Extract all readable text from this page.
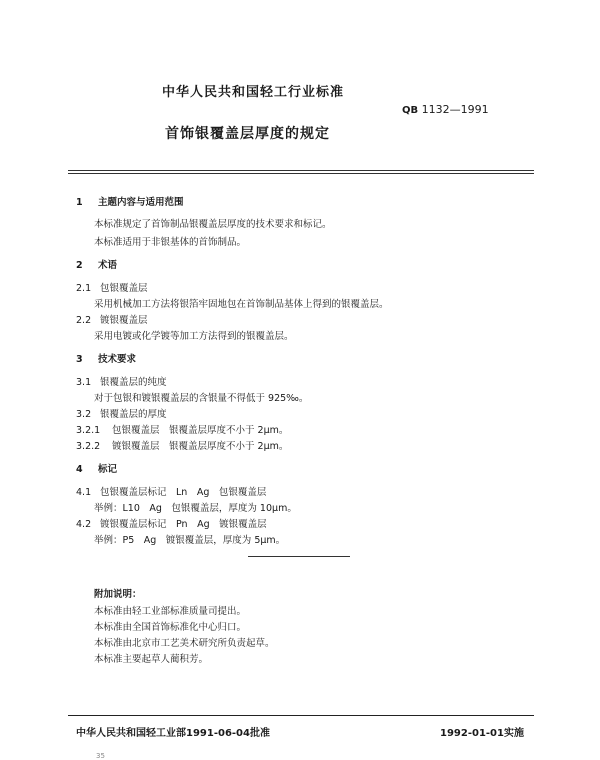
中华人民共和国轻工行业标准
QB 1132—1991
首饰银覆盖层厚度的规定
1 主题内容与适用范围
本标准规定了首饰制品银覆盖层厚度的技术要求和标记。
本标准适用于非银基体的首饰制品。
2 术语
2.1 包银覆盖层
采用机械加工方法将银箔牢固地包在首饰制品基体上得到的银覆盖层。
2.2 镀银覆盖层
采用电镀或化学镀等加工方法得到的银覆盖层。
3 技术要求
3.1 银覆盖层的纯度
对于包银和镀银覆盖层的含银量不得低于 925‰。
3.2 银覆盖层的厚度
3.2.1 包银覆盖层　银覆盖层厚度不小于 2μm。
3.2.2 镀银覆盖层　银覆盖层厚度不小于 2μm。
4 标记
4.1 包银覆盖层标记　Ln　Ag　包银覆盖层
举例：L10　Ag　包银覆盖层，厚度为 10μm。
4.2 镀银覆盖层标记　Pn　Ag　镀银覆盖层
举例：P5　Ag　镀银覆盖层，厚度为 5μm。
附加说明：
本标准由轻工业部标准质量司提出。
本标准由全国首饰标准化中心归口。
本标准由北京市工艺美术研究所负责起草。
本标准主要起草人蔺积芳。
中华人民共和国轻工业部1991-06-04批准	1992-01-01实施
35
